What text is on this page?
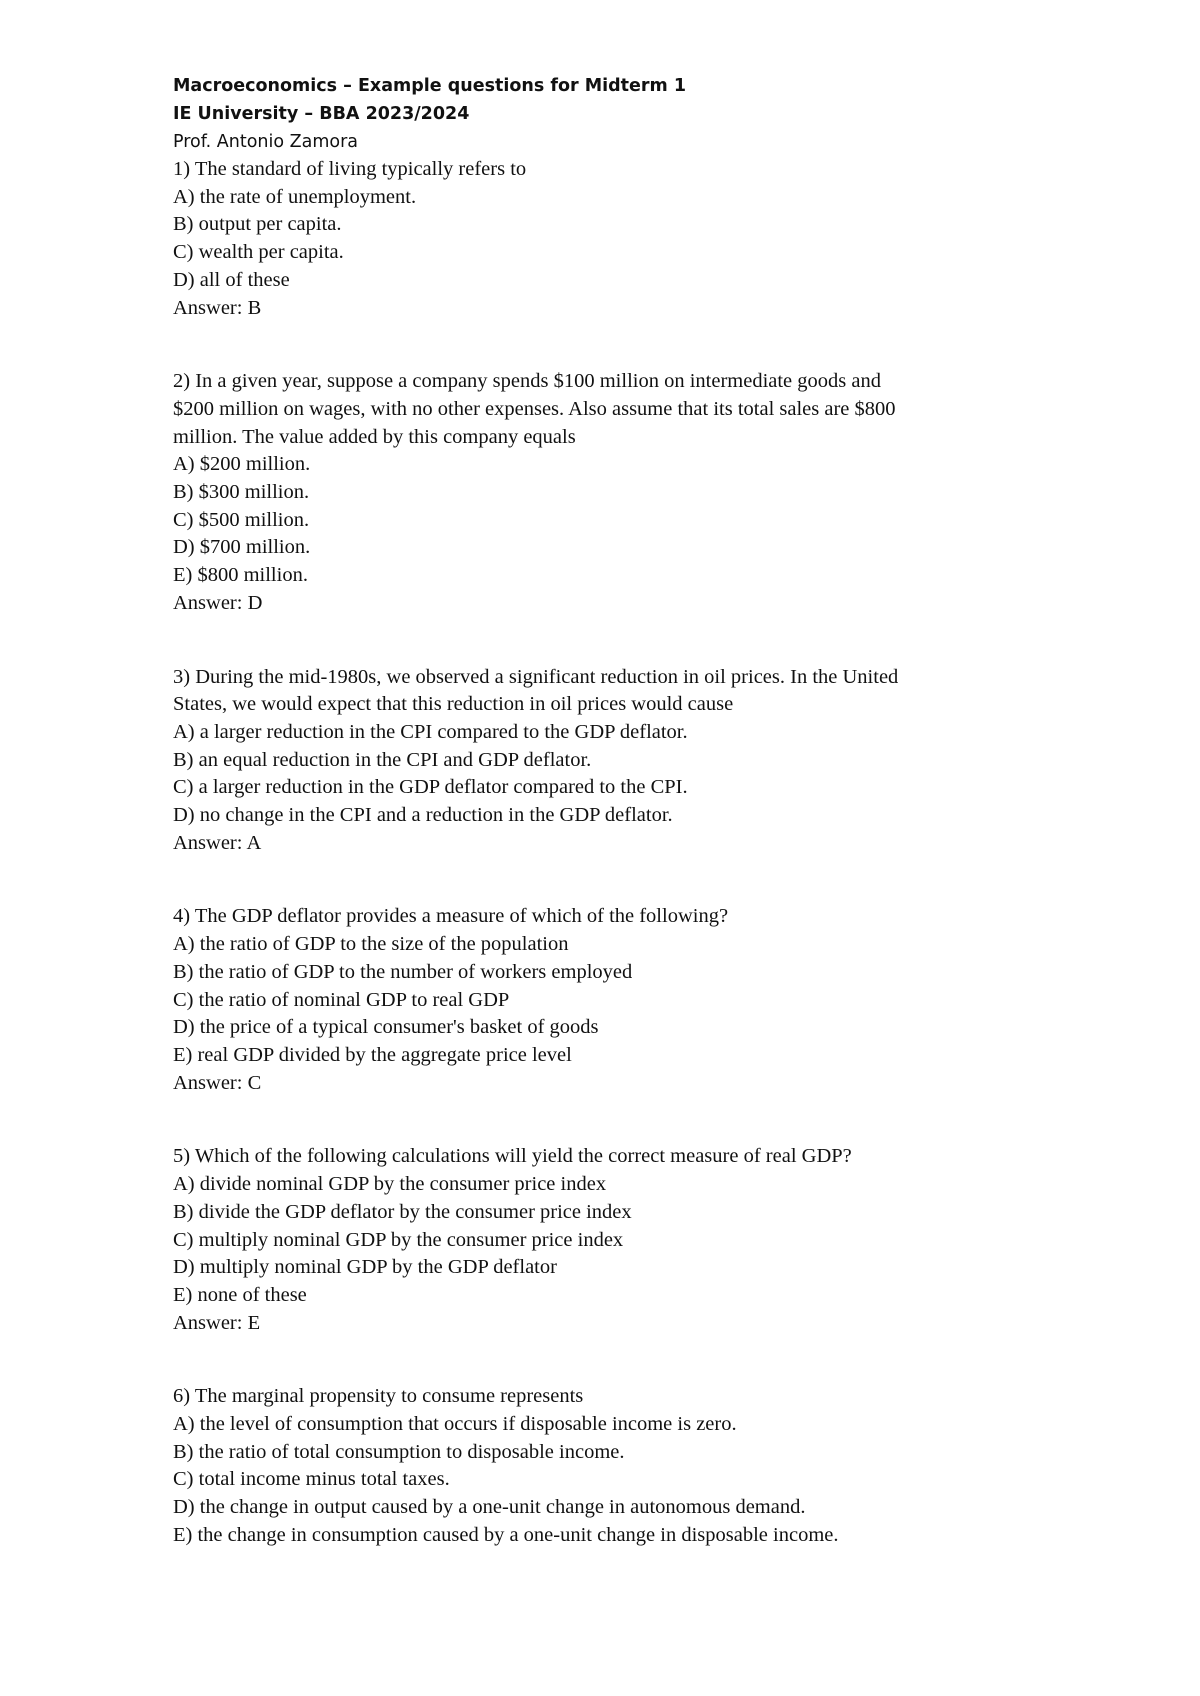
Macroeconomics – Example questions for Midterm 1
IE University – BBA 2023/2024
Prof. Antonio Zamora
1) The standard of living typically refers to
A) the rate of unemployment.
B) output per capita.
C) wealth per capita.
D) all of these
Answer: B
2) In a given year, suppose a company spends $100 million on intermediate goods and
$200 million on wages, with no other expenses. Also assume that its total sales are $800
million. The value added by this company equals
A) $200 million.
B) $300 million.
C) $500 million.
D) $700 million.
E) $800 million.
Answer: D
3) During the mid-1980s, we observed a significant reduction in oil prices. In the United
States, we would expect that this reduction in oil prices would cause
A) a larger reduction in the CPI compared to the GDP deflator.
B) an equal reduction in the CPI and GDP deflator.
C) a larger reduction in the GDP deflator compared to the CPI.
D) no change in the CPI and a reduction in the GDP deflator.
Answer: A
4) The GDP deflator provides a measure of which of the following?
A) the ratio of GDP to the size of the population
B) the ratio of GDP to the number of workers employed
C) the ratio of nominal GDP to real GDP
D) the price of a typical consumer's basket of goods
E) real GDP divided by the aggregate price level
Answer: C
5) Which of the following calculations will yield the correct measure of real GDP?
A) divide nominal GDP by the consumer price index
B) divide the GDP deflator by the consumer price index
C) multiply nominal GDP by the consumer price index
D) multiply nominal GDP by the GDP deflator
E) none of these
Answer: E
6) The marginal propensity to consume represents
A) the level of consumption that occurs if disposable income is zero.
B) the ratio of total consumption to disposable income.
C) total income minus total taxes.
D) the change in output caused by a one-unit change in autonomous demand.
E) the change in consumption caused by a one-unit change in disposable income.
